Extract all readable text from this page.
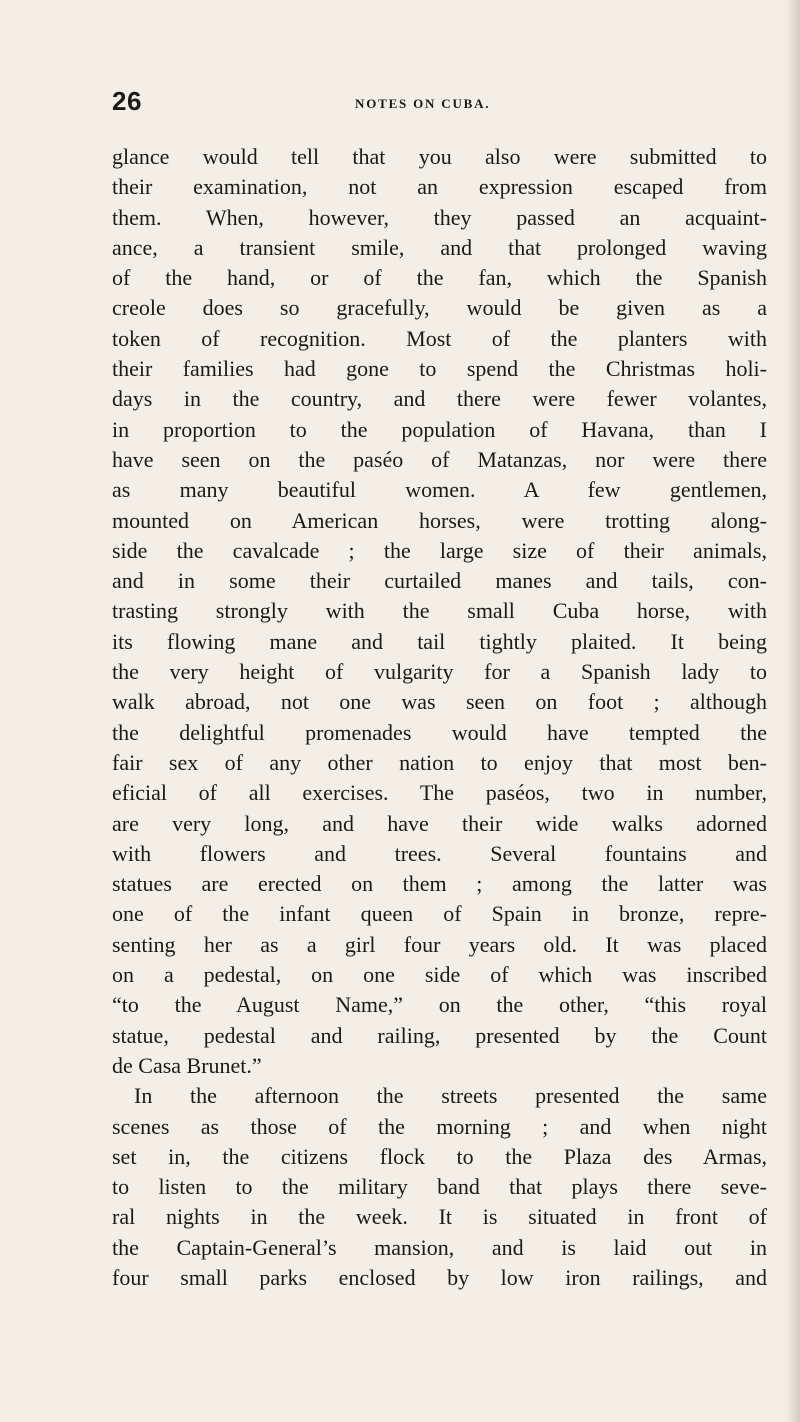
26	NOTES ON CUBA.
glance would tell that you also were submitted to
their examination, not an expression escaped from
them. When, however, they passed an acquaint-
ance, a transient smile, and that prolonged waving
of the hand, or of the fan, which the Spanish
creole does so gracefully, would be given as a
token of recognition. Most of the planters with
their families had gone to spend the Christmas holi-
days in the country, and there were fewer volantes,
in proportion to the population of Havana, than I
have seen on the paséo of Matanzas, nor were there
as many beautiful women. A few gentlemen,
mounted on American horses, were trotting along-
side the cavalcade ; the large size of their animals,
and in some their curtailed manes and tails, con-
trasting strongly with the small Cuba horse, with
its flowing mane and tail tightly plaited. It being
the very height of vulgarity for a Spanish lady to
walk abroad, not one was seen on foot ; although
the delightful promenades would have tempted the
fair sex of any other nation to enjoy that most ben-
eficial of all exercises. The paséos, two in number,
are very long, and have their wide walks adorned
with flowers and trees. Several fountains and
statues are erected on them ; among the latter was
one of the infant queen of Spain in bronze, repre-
senting her as a girl four years old. It was placed
on a pedestal, on one side of which was inscribed
“to the August Name,” on the other, “this royal
statue, pedestal and railing, presented by the Count
de Casa Brunet.”
In the afternoon the streets presented the same
scenes as those of the morning ; and when night
set in, the citizens flock to the Plaza des Armas,
to listen to the military band that plays there seve-
ral nights in the week. It is situated in front of
the Captain-General’s mansion, and is laid out in
four small parks enclosed by low iron railings, and
